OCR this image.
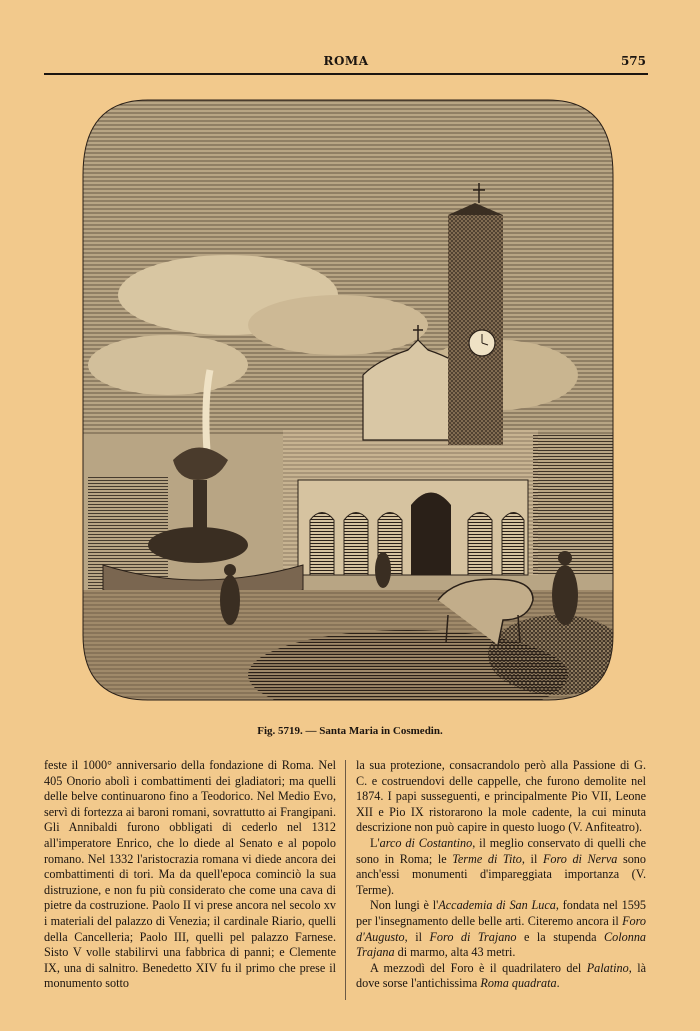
ROMA	575
Fig. 5719. — Santa Maria in Cosmedin.

feste il 1000° anniversario della fondazione di Roma. Nel 405 Onorio abolì i combattimenti dei gladiatori; ma quelli delle belve continuarono fino a Teodorico. Nel Medio Evo, servì di fortezza ai baroni romani, sovrattutto ai Frangipani. Gli Annibaldi furono obbligati di cederlo nel 1312 all'imperatore Enrico, che lo diede al Senato e al popolo romano. Nel 1332 l'aristocrazia romana vi diede ancora dei combattimenti di tori. Ma da quell'epoca cominciò la sua distruzione, e non fu più considerato che come una cava di pietre da costruzione. Paolo II vi prese ancora nel secolo xv i materiali del palazzo di Venezia; il cardinale Riario, quelli della Cancelleria; Paolo III, quelli pel palazzo Farnese. Sisto V volle stabilirvi una fabbrica di panni; e Clemente IX, una di salnitro. Benedetto XIV fu il primo che prese il monumento sotto

la sua protezione, consacrandolo però alla Passione di G. C. e costruendovi delle cappelle, che furono demolite nel 1874. I papi susseguenti, e principalmente Pio VII, Leone XII e Pio IX ristorarono la mole cadente, la cui minuta descrizione non può capire in questo luogo (V. Anfiteatro).

L'arco di Costantino, il meglio conservato di quelli che sono in Roma; le Terme di Tito, il Foro di Nerva sono anch'essi monumenti d'impareggiata importanza (V. Terme).

Non lungi è l'Accademia di San Luca, fondata nel 1595 per l'insegnamento delle belle arti. Citeremo ancora il Foro d'Augusto, il Foro di Trajano e la stupenda Colonna Trajana di marmo, alta 43 metri.

A mezzodì del Foro è il quadrilatero del Palatino, là dove sorse l'antichissima Roma quadrata.
